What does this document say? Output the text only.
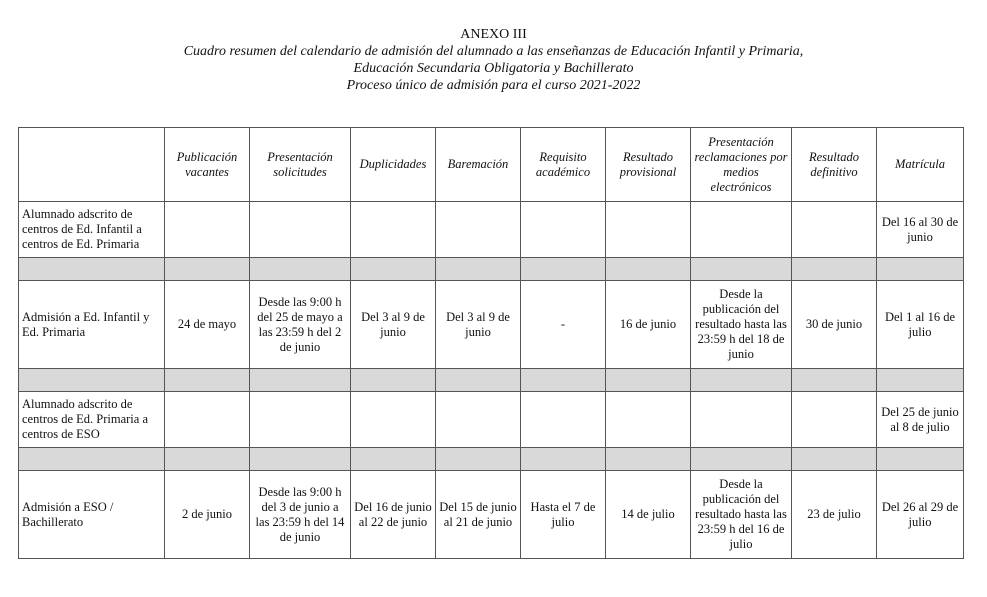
ANEXO III
Cuadro resumen del calendario de admisión del alumnado a las enseñanzas de Educación Infantil y Primaria,
Educación Secundaria Obligatoria y Bachillerato
Proceso único de admisión para el curso 2021-2022
	Publicación vacantes	Presentación solicitudes	Duplicidades	Baremación	Requisito académico	Resultado provisional	Presentación reclamaciones por medios electrónicos	Resultado definitivo	Matrícula
Alumnado adscrito de centros de Ed. Infantil a centros de Ed. Primaria									Del 16 al 30 de junio

Admisión a Ed. Infantil y Ed. Primaria	24 de mayo	Desde las 9:00 h del 25 de mayo a las 23:59 h del 2 de junio	Del 3 al 9 de junio	Del 3 al 9 de junio	-	16 de junio	Desde la publicación del resultado hasta las 23:59 h del 18 de junio	30 de junio	Del 1 al 16 de julio

Alumnado adscrito de centros de Ed. Primaria a centros de ESO									Del 25 de junio al 8 de julio

Admisión a ESO / Bachillerato	2 de junio	Desde las 9:00 h del 3 de junio a las 23:59 h del 14 de junio	Del 16 de junio al 22 de junio	Del 15 de junio al 21 de junio	Hasta el 7 de julio	14 de julio	Desde la publicación del resultado hasta las 23:59 h del 16 de julio	23 de julio	Del 26 al 29 de julio
